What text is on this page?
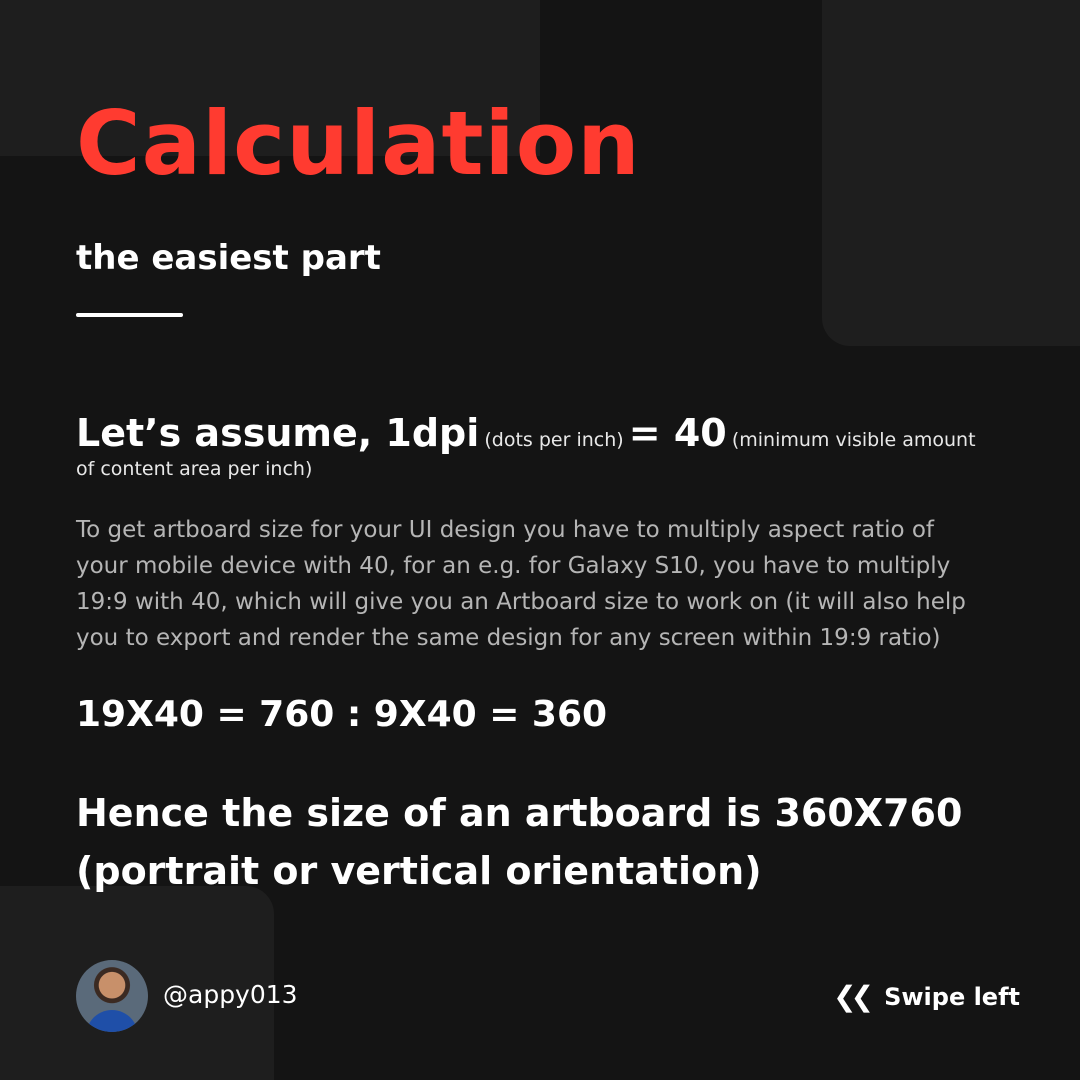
Calculation

the easiest part

Let’s assume, 1dpi (dots per inch) = 40 (minimum visible amount of content area per inch)

To get artboard size for your UI design you have to multiply aspect ratio of your mobile device with 40, for an e.g. for Galaxy S10, you have to multiply 19:9 with 40, which will give you an Artboard size to work on (it will also help you to export and render the same design for any screen within 19:9 ratio)

19X40 = 760 : 9X40 = 360

Hence the size of an artboard is 360X760
(portrait or vertical orientation)

@appy013	❮❮ Swipe left
